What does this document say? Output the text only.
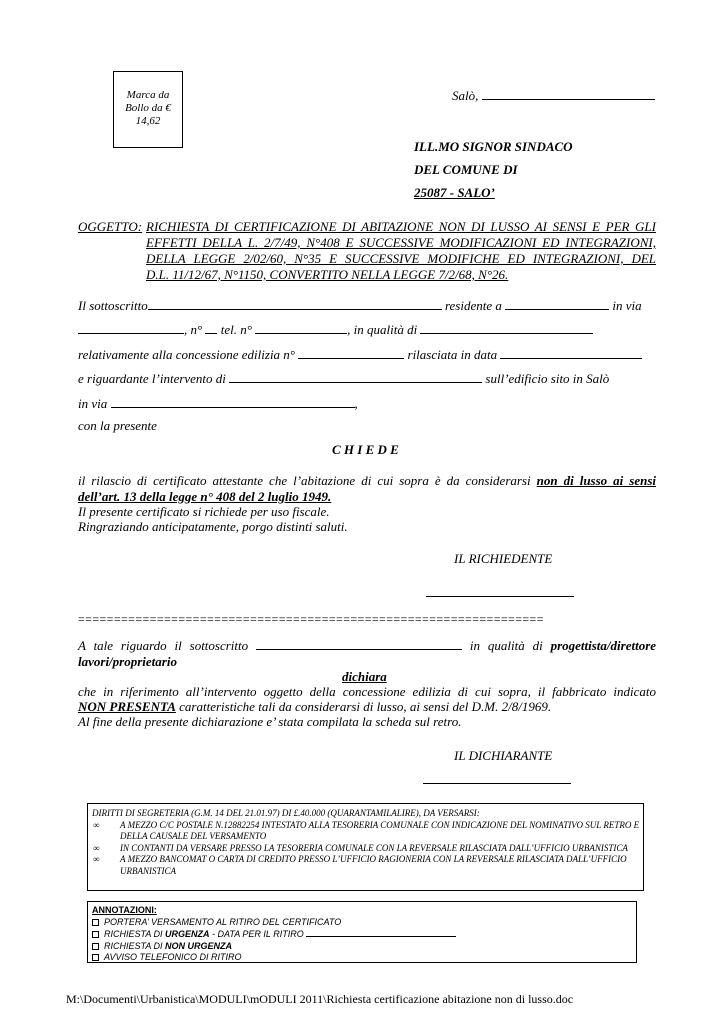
Marca da
Bollo da €
14,62
Salò,
ILL.MO SIGNOR SINDACO
DEL COMUNE DI
25087 - SALO’
OGGETTO: RICHIESTA DI CERTIFICAZIONE DI ABITAZIONE NON DI LUSSO AI SENSI E PER GLI
EFFETTI DELLA L. 2/7/49, N°408 E SUCCESSIVE MODIFICAZIONI ED INTEGRAZIONI,
DELLA LEGGE 2/02/60, N°35 E SUCCESSIVE MODIFICHE ED INTEGRAZIONI, DEL
D.L. 11/12/67, N°1150, CONVERTITO NELLA LEGGE 7/2/68, N°26.
Il sottoscritto	residente a	in via
, n° tel. n°	, in qualità di
relativamente alla concessione edilizia n°	rilasciata in data
e riguardante l’intervento di	sull’edificio sito in Salò
in via	,
con la presente
C H I E D E
il rilascio di certificato attestante che l’abitazione di cui sopra è da considerarsi non di lusso ai sensi
dell’art. 13 della legge n° 408 del 2 luglio 1949.
Il presente certificato si richiede per uso fiscale.
Ringraziando anticipatamente, porgo distinti saluti.
IL RICHIEDENTE
=================================================================
A tale riguardo il sottoscritto	in qualità di progettista/direttore
lavori/proprietario
dichiara
che in riferimento all’intervento oggetto della concessione edilizia di cui sopra, il fabbricato indicato
NON PRESENTA caratteristiche tali da considerarsi di lusso, ai sensi del D.M. 2/8/1969.
Al fine della presente dichiarazione e’ stata compilata la scheda sul retro.
IL DICHIARANTE
DIRITTI DI SEGRETERIA (G.M. 14 DEL 21.01.97) DI £.40.000 (QUARANTAMILALIRE), DA VERSARSI:
∞ A MEZZO C/C POSTALE N.12882254 INTESTATO ALLA TESORERIA COMUNALE CON INDICAZIONE DEL NOMINATIVO SUL RETRO E DELLA CAUSALE DEL VERSAMENTO
∞ IN CONTANTI DA VERSARE PRESSO LA TESORERIA COMUNALE CON LA REVERSALE RILASCIATA DALL’UFFICIO URBANISTICA
∞ A MEZZO BANCOMAT O CARTA DI CREDITO PRESSO L’UFFICIO RAGIONERIA CON LA REVERSALE RILASCIATA DALL’UFFICIO URBANISTICA
ANNOTAZIONI:
PORTERA’ VERSAMENTO AL RITIRO DEL CERTIFICATO
RICHIESTA DI URGENZA - DATA PER IL RITIRO
RICHIESTA DI NON URGENZA
AVVISO TELEFONICO DI RITIRO
M:\Documenti\Urbanistica\MODULI\mODULI 2011\Richiesta certificazione abitazione non di lusso.doc
